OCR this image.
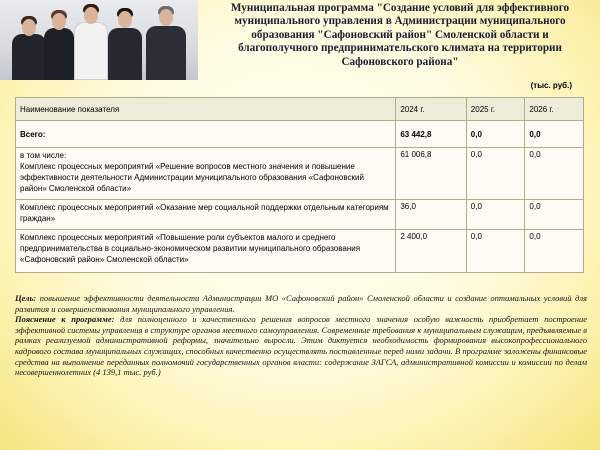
Муниципальная программа "Создание условий для эффективного
муниципального управления в Администрации муниципального
образования "Сафоновский район" Смоленской области и
благополучного предпринимательского климата на территории
Сафоновского района"
(тыс. руб.)
Наименование показателя	2024 г.	2025 г.	2026 г.
Всего:	63 442,8	0,0	0,0
в том числе:
Комплекс процессных мероприятий «Решение вопросов местного значения и повышение эффективности деятельности Администрации муниципального образования «Сафоновский район» Смоленской области»	61 006,8	0,0	0,0
Комплекс процессных мероприятий «Оказание мер социальной поддержки отдельным категориям граждан»	36,0	0,0	0,0
Комплекс процессных мероприятий «Повышение роли субъектов малого и среднего предпринимательства в социально-экономическом развитии муниципального образования «Сафоновский район» Смоленской области»	2 400,0	0,0	0,0
Цель: повышение эффективности деятельности Администрации МО «Сафоновский район» Смоленской области и создание оптимальных условий для развития и совершенствования муниципального управления.
Пояснение к программе: для полноценного и качественного решения вопросов местного значения особую важность приобретает построение эффективной системы управления в структуре органов местного самоуправления. Современные требования к муниципальным служащим, предъявляемые в рамках реализуемой административной реформы, значительно выросли. Этим диктуется необходимость формирования высокопрофессионального кадрового состава муниципальных служащих, способных качественно осуществлять поставленные перед ними задачи. В программе заложены финансовые средства на выполнение переданных полномочий государственных органов власти: содержание ЗАГСА, административной комиссии и комиссии по делам несовершеннолетних (4 139,1 тыс. руб.)
